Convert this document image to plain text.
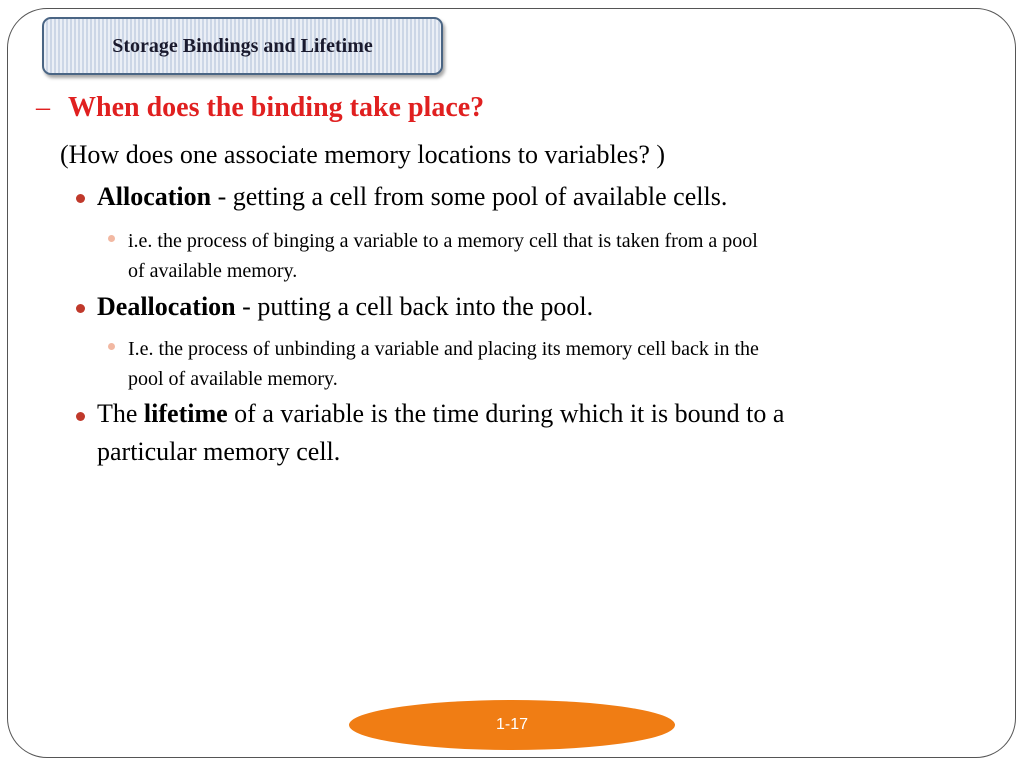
Storage Bindings and Lifetime
– When does the binding take place?
(How does one associate memory locations to variables? )
Allocation - getting a cell from some pool of available cells.
i.e. the process of binging a variable to a memory cell that is taken from a pool
of available memory.
Deallocation - putting a cell back into the pool.
I.e. the process of unbinding a variable and placing its memory cell back in the
pool of available memory.
The lifetime of a variable is the time during which it is bound to a
particular memory cell.
1-17
